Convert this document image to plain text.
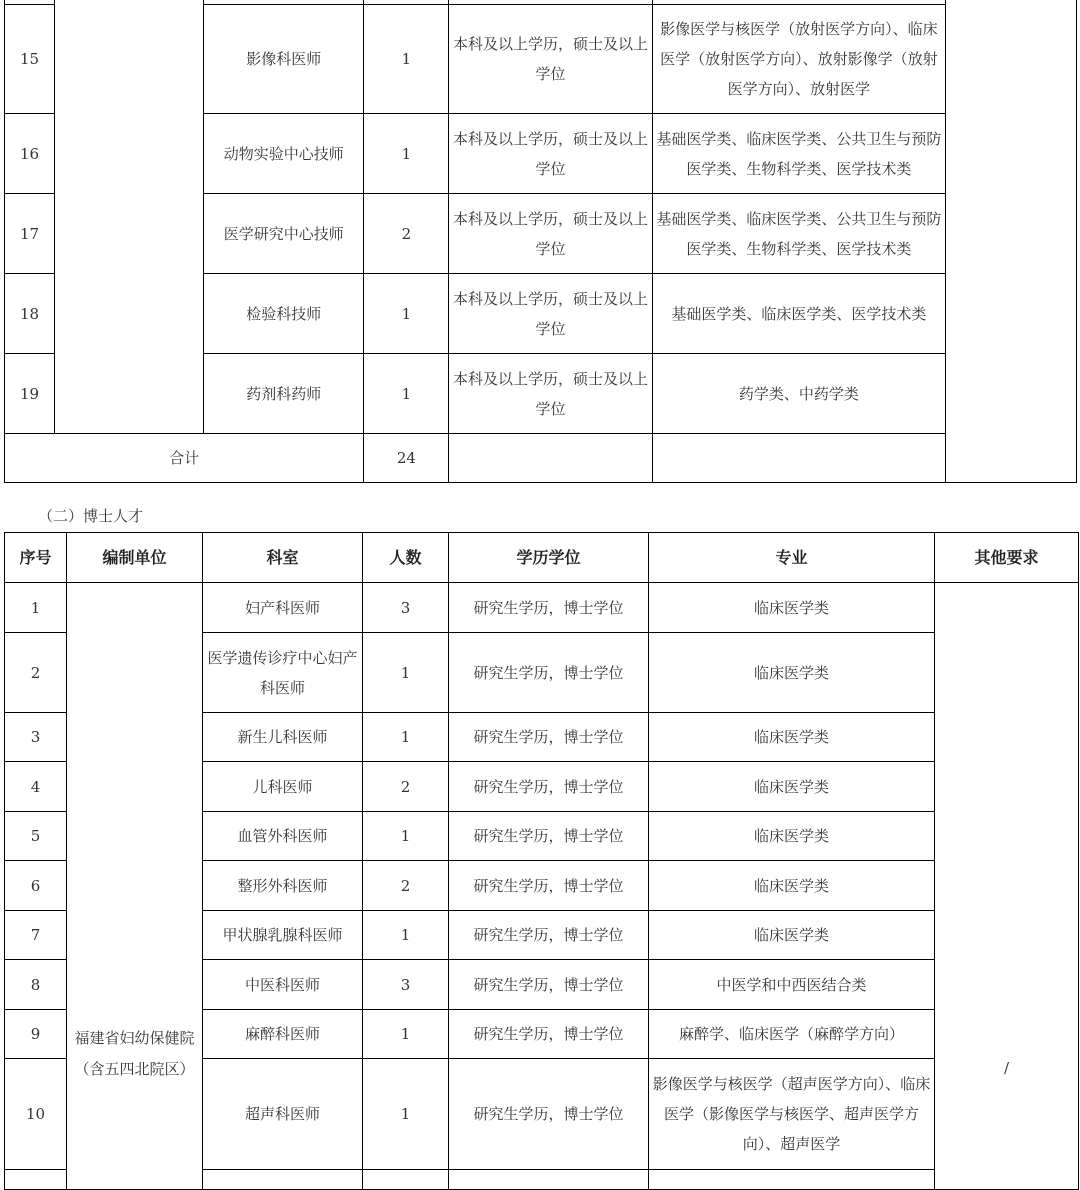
15		影像科医师	1	本科及以上学历，硕士及以上学位	影像医学与核医学（放射医学方向）、临床医学（放射医学方向）、放射影像学（放射医学方向）、放射医学
16		动物实验中心技师	1	本科及以上学历，硕士及以上学位	基础医学类、临床医学类、公共卫生与预防医学类、生物科学类、医学技术类
17		医学研究中心技师	2	本科及以上学历，硕士及以上学位	基础医学类、临床医学类、公共卫生与预防医学类、生物科学类、医学技术类
18		检验科技师	1	本科及以上学历，硕士及以上学位	基础医学类、临床医学类、医学技术类
19		药剂科药师	1	本科及以上学历，硕士及以上学位	药学类、中药学类
合计			24		
（二）博士人才
序号	编制单位	科室	人数	学历学位	专业	其他要求
1	福建省妇幼保健院（含五四北院区）	妇产科医师	3	研究生学历，博士学位	临床医学类	/
2		医学遗传诊疗中心妇产科医师	1	研究生学历，博士学位	临床医学类	
3		新生儿科医师	1	研究生学历，博士学位	临床医学类	
4		儿科医师	2	研究生学历，博士学位	临床医学类	
5		血管外科医师	1	研究生学历，博士学位	临床医学类	
6		整形外科医师	2	研究生学历，博士学位	临床医学类	
7		甲状腺乳腺科医师	1	研究生学历，博士学位	临床医学类	
8		中医科医师	3	研究生学历，博士学位	中医学和中西医结合类	
9		麻醉科医师	1	研究生学历，博士学位	麻醉学、临床医学（麻醉学方向）	
10		超声科医师	1	研究生学历，博士学位	影像医学与核医学（超声医学方向）、临床医学（影像医学与核医学、超声医学方向）、超声医学	
